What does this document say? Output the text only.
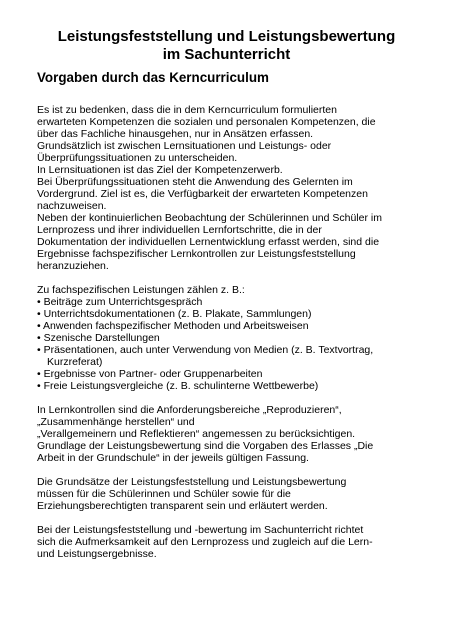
Leistungsfeststellung und Leistungsbewertung
im Sachunterricht
Vorgaben durch das Kerncurriculum
Es ist zu bedenken, dass die in dem Kerncurriculum formulierten
erwarteten Kompetenzen die sozialen und personalen Kompetenzen, die
über das Fachliche hinausgehen, nur in Ansätzen erfassen.
Grundsätzlich ist zwischen Lernsituationen und Leistungs- oder
Überprüfungssituationen zu unterscheiden.
In Lernsituationen ist das Ziel der Kompetenzerwerb.
Bei Überprüfungssituationen steht die Anwendung des Gelernten im
Vordergrund. Ziel ist es, die Verfügbarkeit der erwarteten Kompetenzen
nachzuweisen.
Neben der kontinuierlichen Beobachtung der Schülerinnen und Schüler im
Lernprozess und ihrer individuellen Lernfortschritte, die in der
Dokumentation der individuellen Lernentwicklung erfasst werden, sind die
Ergebnisse fachspezifischer Lernkontrollen zur Leistungsfeststellung
heranzuziehen.
Zu fachspezifischen Leistungen zählen z. B.:
• Beiträge zum Unterrichtsgespräch
• Unterrichtsdokumentationen (z. B. Plakate, Sammlungen)
• Anwenden fachspezifischer Methoden und Arbeitsweisen
• Szenische Darstellungen
• Präsentationen, auch unter Verwendung von Medien (z. B. Textvortrag,
Kurzreferat)
• Ergebnisse von Partner- oder Gruppenarbeiten
• Freie Leistungsvergleiche (z. B. schulinterne Wettbewerbe)
In Lernkontrollen sind die Anforderungsbereiche „Reproduzieren“,
„Zusammenhänge herstellen“ und
„Verallgemeinern und Reflektieren“ angemessen zu berücksichtigen.
Grundlage der Leistungsbewertung sind die Vorgaben des Erlasses „Die
Arbeit in der Grundschule“ in der jeweils gültigen Fassung.
Die Grundsätze der Leistungsfeststellung und Leistungsbewertung
müssen für die Schülerinnen und Schüler sowie für die
Erziehungsberechtigten transparent sein und erläutert werden.
Bei der Leistungsfeststellung und -bewertung im Sachunterricht richtet
sich die Aufmerksamkeit auf den Lernprozess und zugleich auf die Lern-
und Leistungsergebnisse.
